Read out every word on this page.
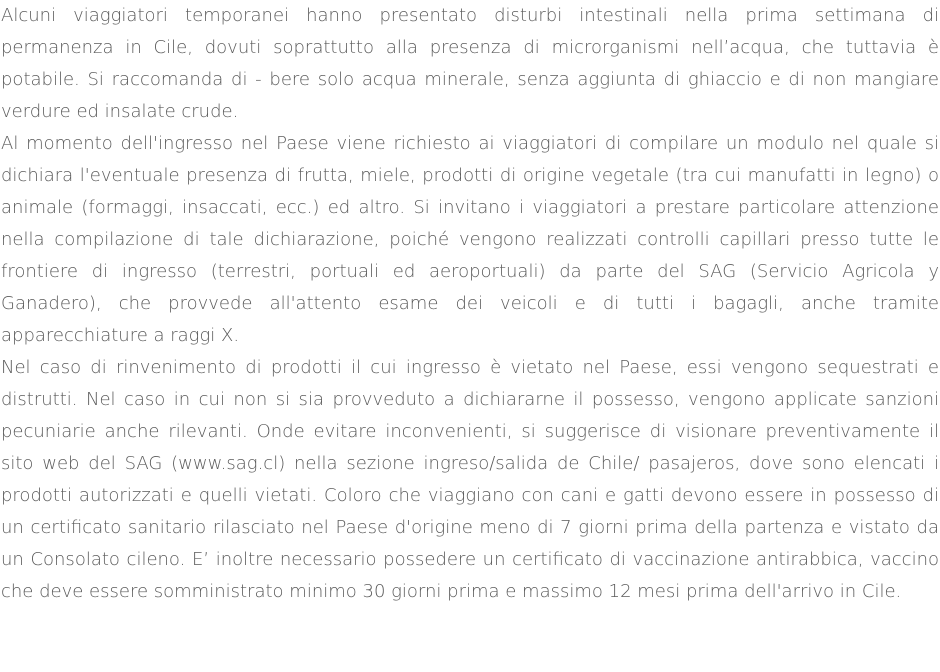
Alcuni viaggiatori temporanei hanno presentato disturbi intestinali nella prima settimana di permanenza in Cile, dovuti soprattutto alla presenza di microrganismi nell’acqua, che tuttavia è potabile. Si raccomanda di - bere solo acqua minerale, senza aggiunta di ghiaccio e di non mangiare verdure ed insalate crude.

Al momento dell'ingresso nel Paese viene richiesto ai viaggiatori di compilare un modulo nel quale si dichiara l'eventuale presenza di frutta, miele, prodotti di origine vegetale (tra cui manufatti in legno) o animale (formaggi, insaccati, ecc.) ed altro. Si invitano i viaggiatori a prestare particolare attenzione nella compilazione di tale dichiarazione, poiché vengono realizzati controlli capillari presso tutte le frontiere di ingresso (terrestri, portuali ed aeroportuali) da parte del SAG (Servicio Agricola y Ganadero), che provvede all'attento esame dei veicoli e di tutti i bagagli, anche tramite apparecchiature a raggi X.

Nel caso di rinvenimento di prodotti il cui ingresso è vietato nel Paese, essi vengono sequestrati e distrutti. Nel caso in cui non si sia provveduto a dichiararne il possesso, vengono applicate sanzioni pecuniarie anche rilevanti. Onde evitare inconvenienti, si suggerisce di visionare preventivamente il sito web del SAG (www.sag.cl) nella sezione ingreso/salida de Chile/ pasajeros, dove sono elencati i prodotti autorizzati e quelli vietati. Coloro che viaggiano con cani e gatti devono essere in possesso di un certificato sanitario rilasciato nel Paese d'origine meno di 7 giorni prima della partenza e vistato da un Consolato cileno. E’ inoltre necessario possedere un certificato di vaccinazione antirabbica, vaccino che deve essere somministrato minimo 30 giorni prima e massimo 12 mesi prima dell'arrivo in Cile.
